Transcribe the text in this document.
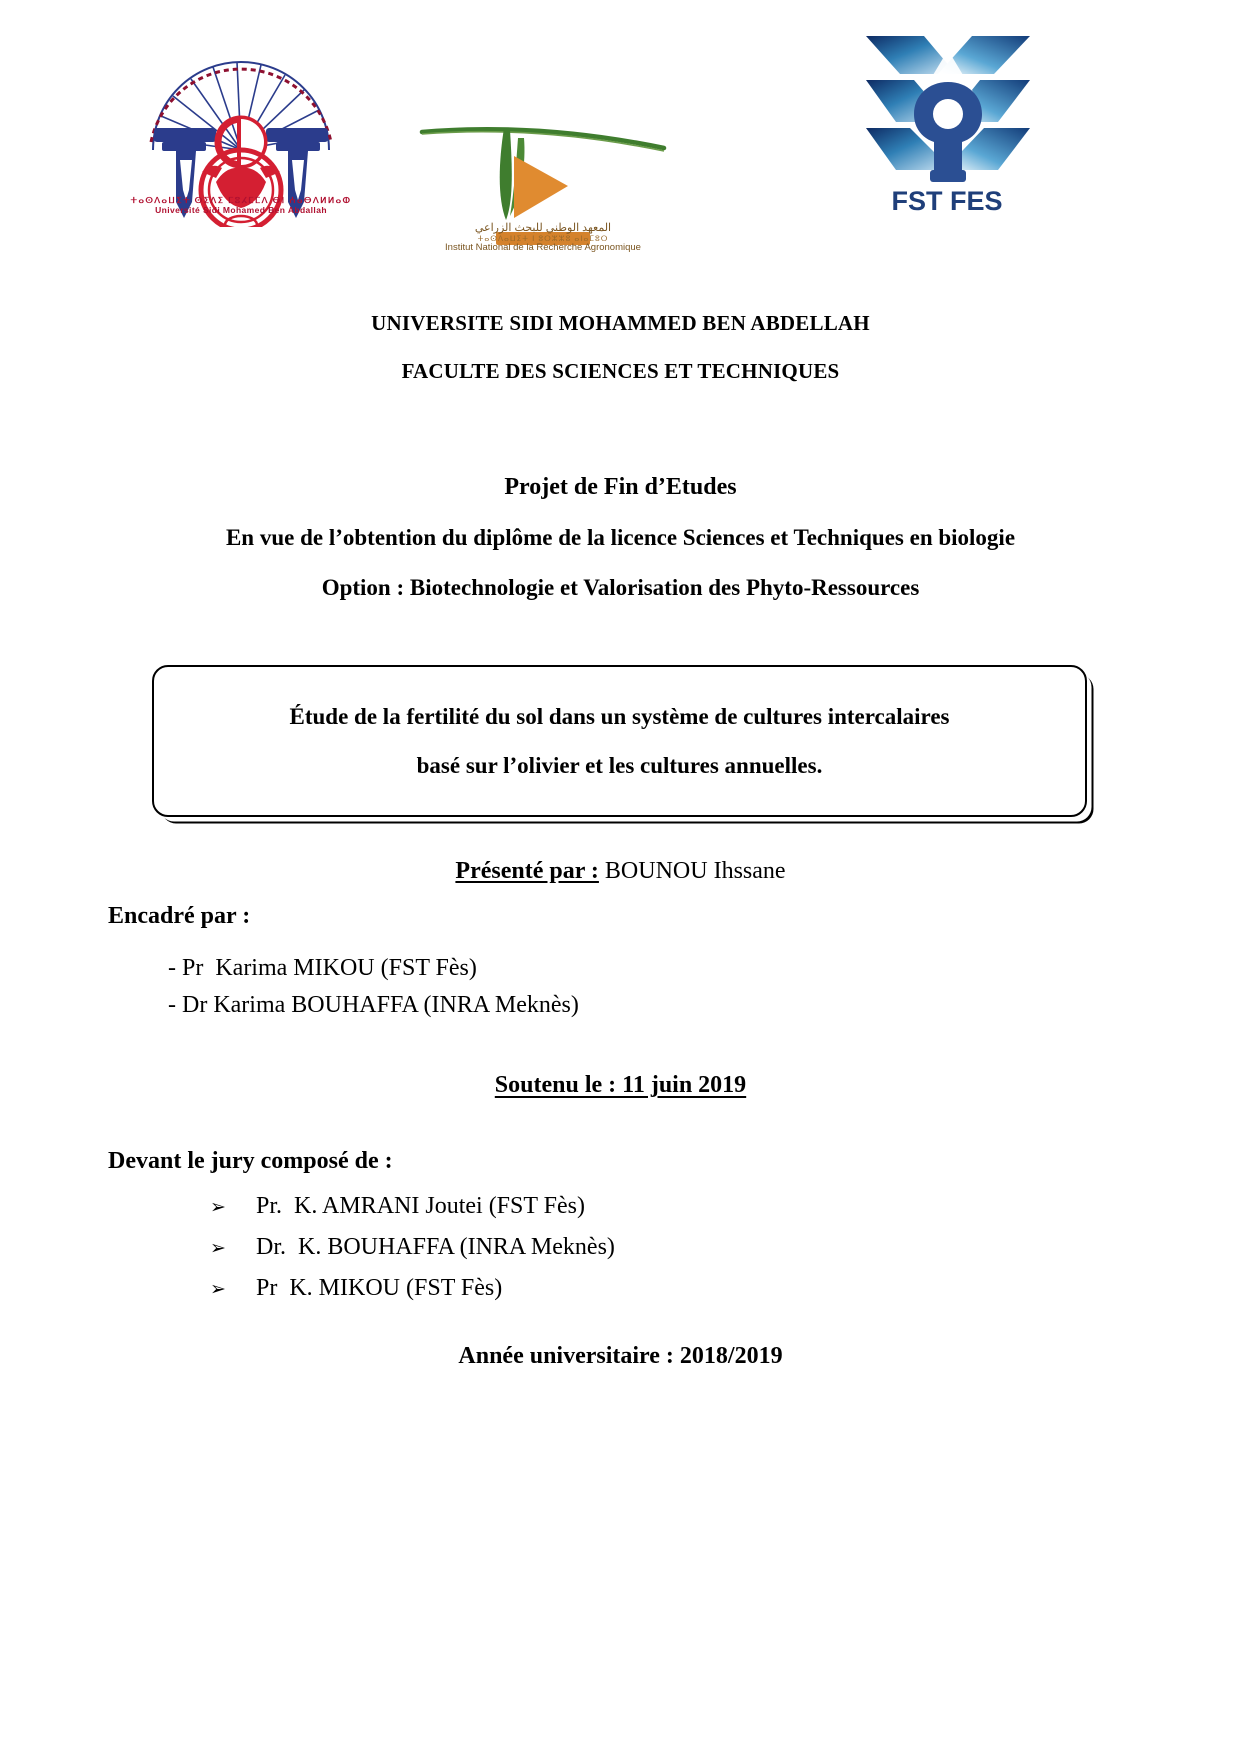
ⵜⴰⵙⴷⴰⵡⵉⵜ ⵙⵉⴷⵉ ⵎⵓⵃⵎⵎⴷ ⴱⵏ ⵄⴰⴱⴷⵍⵍⴰⵀ
Université Sidi Mohamed Ben Abdallah
المعهد الوطني للبحث الزراعي
ⵜⴰⵙⴷⴰⵡⵉⵜ ⵏ ⵓⵔⵣⵣⵓ ⴰⵏⴰⵎⵓⵔ
Institut National de la Recherche Agronomique
FST FES
UNIVERSITE SIDI MOHAMMED BEN ABDELLAH
FACULTE DES SCIENCES ET TECHNIQUES
Projet de Fin d’Etudes
En vue de l’obtention du diplôme de la licence Sciences et Techniques en biologie
Option : Biotechnologie et Valorisation des Phyto-Ressources
Étude de la fertilité du sol dans un système de cultures intercalaires
basé sur l’olivier et les cultures annuelles.
Présenté par : BOUNOU Ihssane
Encadré par :
- Pr  Karima MIKOU (FST Fès)
- Dr Karima BOUHAFFA (INRA Meknès)
Soutenu le : 11 juin 2019
Devant le jury composé de :
➢	Pr.  K. AMRANI Joutei (FST Fès)
➢	Dr.  K. BOUHAFFA (INRA Meknès)
➢	Pr  K. MIKOU (FST Fès)
Année universitaire : 2018/2019
